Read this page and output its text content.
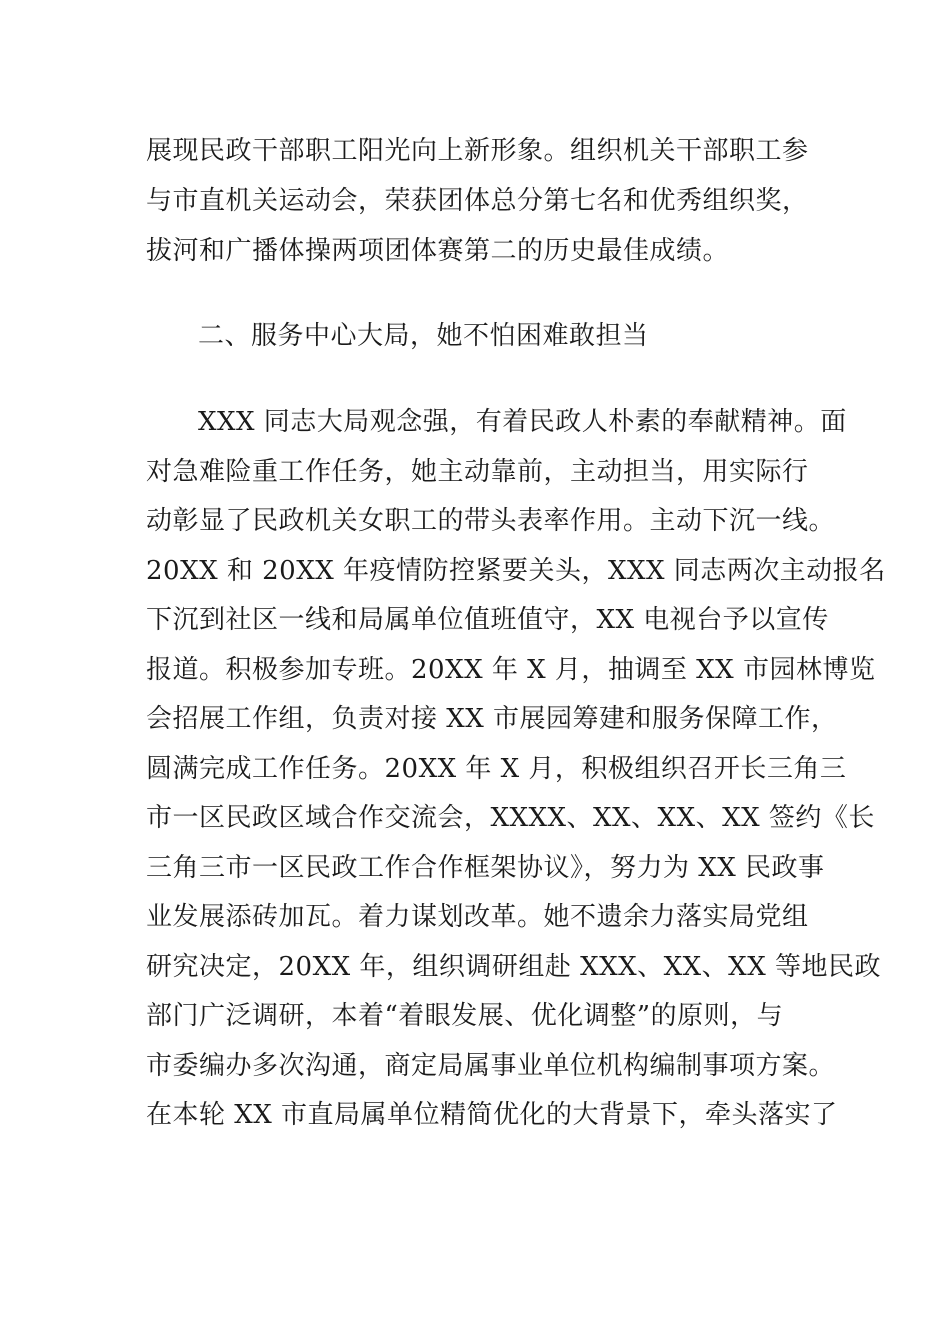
展现民政干部职工阳光向上新形象。组织机关干部职工参
与市直机关运动会，荣获团体总分第七名和优秀组织奖，
拔河和广播体操两项团体赛第二的历史最佳成绩。
二、服务中心大局，她不怕困难敢担当
XXX 同志大局观念强，有着民政人朴素的奉献精神。面
对急难险重工作任务，她主动靠前，主动担当，用实际行
动彰显了民政机关女职工的带头表率作用。主动下沉一线。
20XX 和 20XX 年疫情防控紧要关头，XXX 同志两次主动报名
下沉到社区一线和局属单位值班值守，XX 电视台予以宣传
报道。积极参加专班。20XX 年 X 月，抽调至 XX 市园林博览
会招展工作组，负责对接 XX 市展园筹建和服务保障工作，
圆满完成工作任务。20XX 年 X 月，积极组织召开长三角三
市一区民政区域合作交流会，XXXX、XX、XX、XX 签约《长
三角三市一区民政工作合作框架协议》，努力为 XX 民政事
业发展添砖加瓦。着力谋划改革。她不遗余力落实局党组
研究决定，20XX 年，组织调研组赴 XXX、XX、XX 等地民政
部门广泛调研，本着“着眼发展、优化调整”的原则，与
市委编办多次沟通，商定局属事业单位机构编制事项方案。
在本轮 XX 市直局属单位精简优化的大背景下，牵头落实了
